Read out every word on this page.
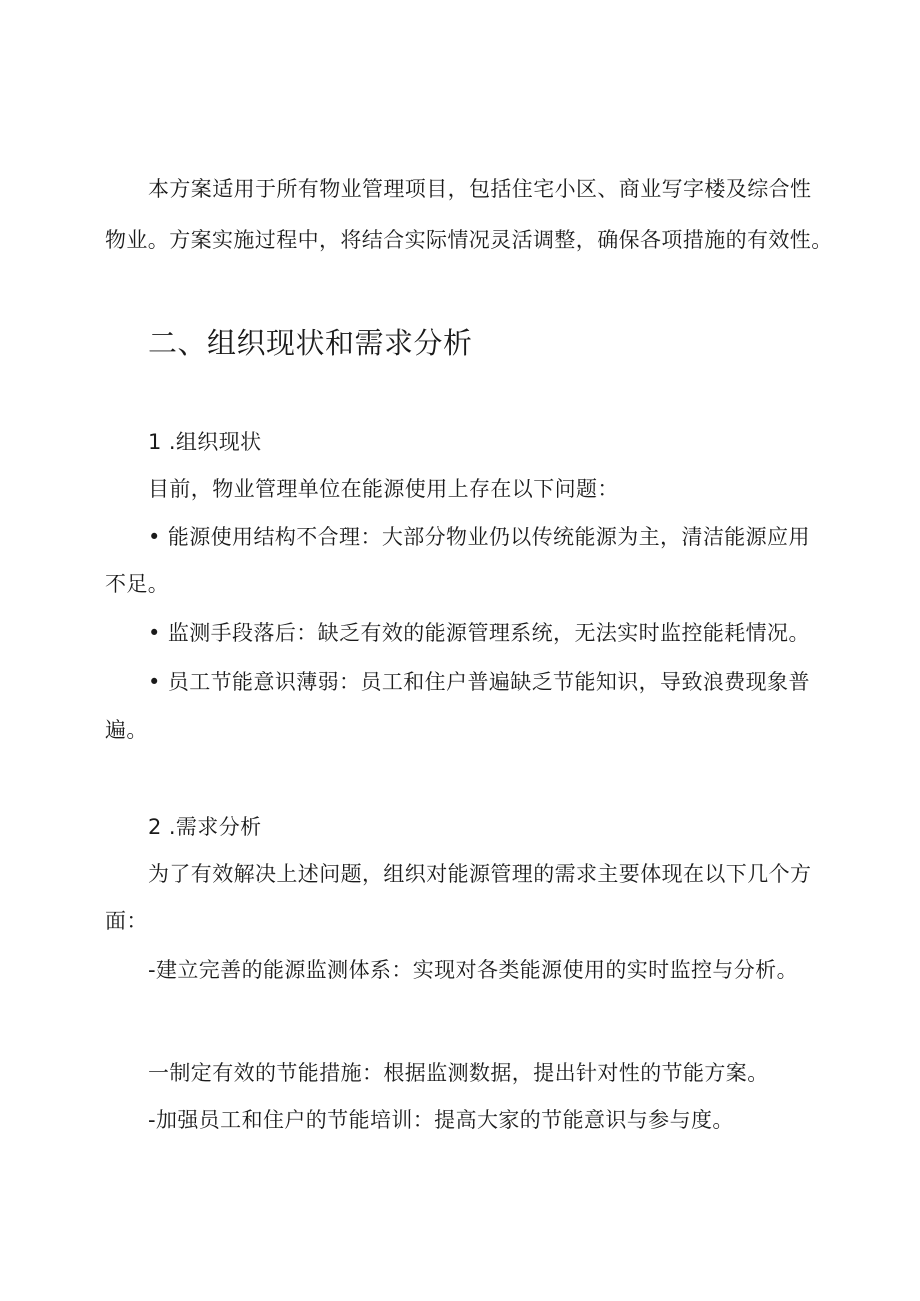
本方案适用于所有物业管理项目，包括住宅小区、商业写字楼及综合性
物业。方案实施过程中，将结合实际情况灵活调整，确保各项措施的有效性。
二、组织现状和需求分析
1 .组织现状
目前，物业管理单位在能源使用上存在以下问题：
• 能源使用结构不合理：大部分物业仍以传统能源为主，清洁能源应用
不足。
• 监测手段落后：缺乏有效的能源管理系统，无法实时监控能耗情况。
• 员工节能意识薄弱：员工和住户普遍缺乏节能知识，导致浪费现象普
遍。
2 .需求分析
为了有效解决上述问题，组织对能源管理的需求主要体现在以下几个方
面：
-建立完善的能源监测体系：实现对各类能源使用的实时监控与分析。
一制定有效的节能措施：根据监测数据，提出针对性的节能方案。
-加强员工和住户的节能培训：提高大家的节能意识与参与度。
